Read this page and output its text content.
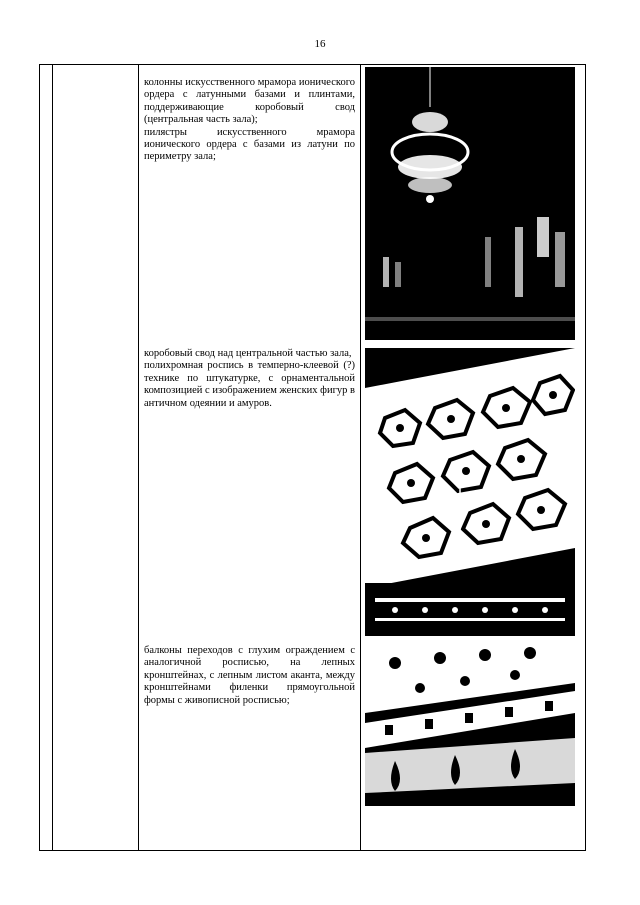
16

колонны искусственного мрамора ионического ордера с латунными базами и плинтами, поддерживающие коробовый свод (центральная часть зала);

пилястры искусственного мрамора ионического ордера с базами из латуни по периметру зала;

коробовый свод над центральной частью зала,

полихромная роспись в темперно-клеевой (?) технике по штукатурке, с орнаментальной композицией с изображением женских фигур в античном одеянии и амуров.

балконы переходов с глухим ограждением с аналогичной росписью, на лепных кронштейнах, с лепным листом аканта, между кронштейнами филенки прямоугольной формы с живописной росписью;
